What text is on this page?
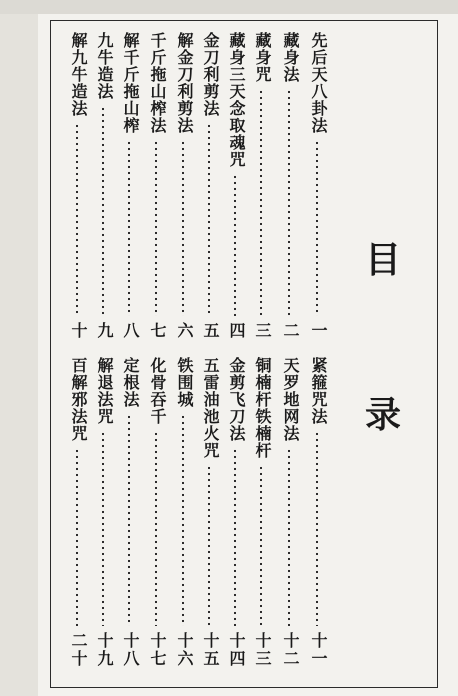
目
录
先后天八卦法
一
藏身法
二
藏身咒
三
藏身三天念取魂咒
四
金刀利剪法
五
解金刀利剪法
六
千斤拖山榨法
七
解千斤拖山榨
八
九牛造法
九
解九牛造法
十
紧箍咒法
十一
天罗地网法
十二
铜楠杆铁楠杆
十三
金剪飞刀法
十四
五雷油池火咒
十五
铁围城
十六
化骨吞千
十七
定根法
十八
解退法咒
十九
百解邪法咒
二十
